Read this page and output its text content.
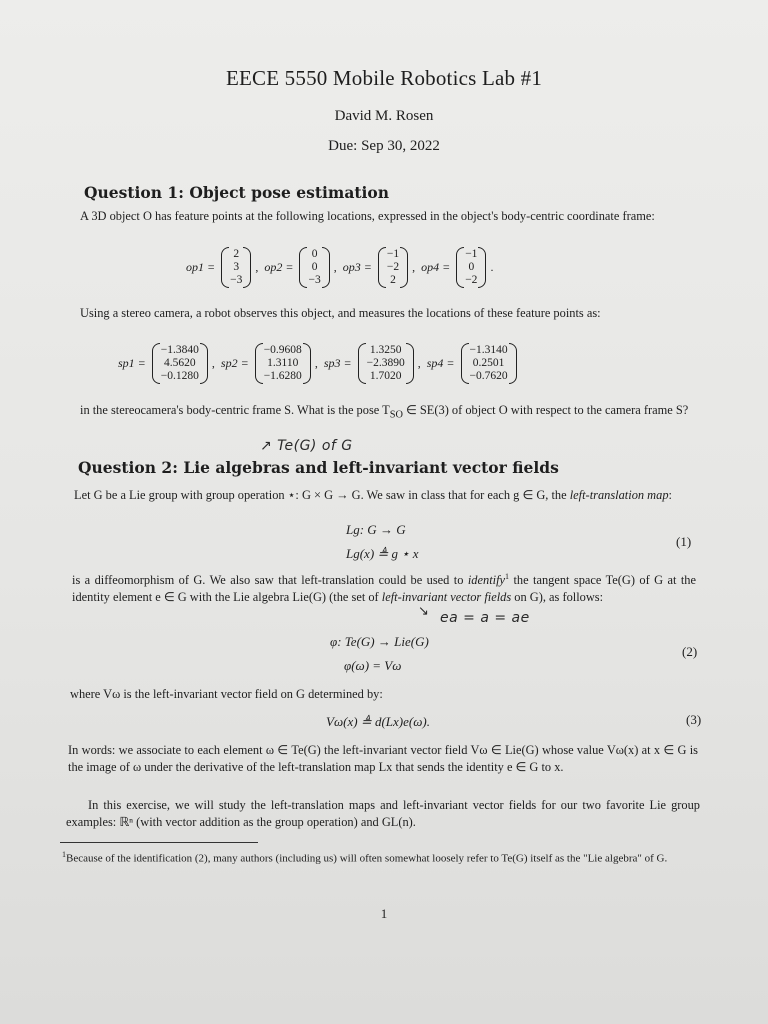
EECE 5550 Mobile Robotics Lab #1
David M. Rosen
Due: Sep 30, 2022
Question 1: Object pose estimation
A 3D object O has feature points at the following locations, expressed in the object's body-centric coordinate frame:
op1 =
2
3
−3
, op2 =
0
0
−3
, op3 =
−1
−2
2
, op4 =
−1
0
−2
.
Using a stereo camera, a robot observes this object, and measures the locations of these feature points as:
sp1 =
−1.3840
4.5620
−0.1280
, sp2 =
−0.9608
1.3110
−1.6280
, sp3 =
1.3250
−2.3890
1.7020
, sp4 =
−1.3140
0.2501
−0.7620
in the stereocamera's body-centric frame S. What is the pose $T_{SO}$ ∈ SE(3) of object O with respect to the camera frame S?
↗ Te(G) of G
Question 2: Lie algebras and left-invariant vector fields
Let G be a Lie group with group operation ⋆: G × G → G. We saw in class that for each g ∈ G, the left-translation map:
Lg: G → G
Lg(x) ≜ g ⋆ x
(1)
is a diffeomorphism of G. We also saw that left-translation could be used to identify$^1$ the tangent space Te(G) of G at the identity element e ∈ G with the Lie algebra Lie(G) (the set of left-invariant vector fields on G), as follows:
↘ ea = a = ae
φ: Te(G) → Lie(G)
φ(ω) = Vω
(2)
where Vω is the left-invariant vector field on G determined by:
Vω(x) ≜ d(Lx)e(ω).	(3)
In words: we associate to each element ω ∈ Te(G) the left-invariant vector field Vω ∈ Lie(G) whose value Vω(x) at x ∈ G is the image of ω under the derivative of the left-translation map Lx that sends the identity e ∈ G to x.
In this exercise, we will study the left-translation maps and left-invariant vector fields for our two favorite Lie group examples: ℝⁿ (with vector addition as the group operation) and GL(n).
$^1$Because of the identification (2), many authors (including us) will often somewhat loosely refer to Te(G) itself as the "Lie algebra" of G.
1
